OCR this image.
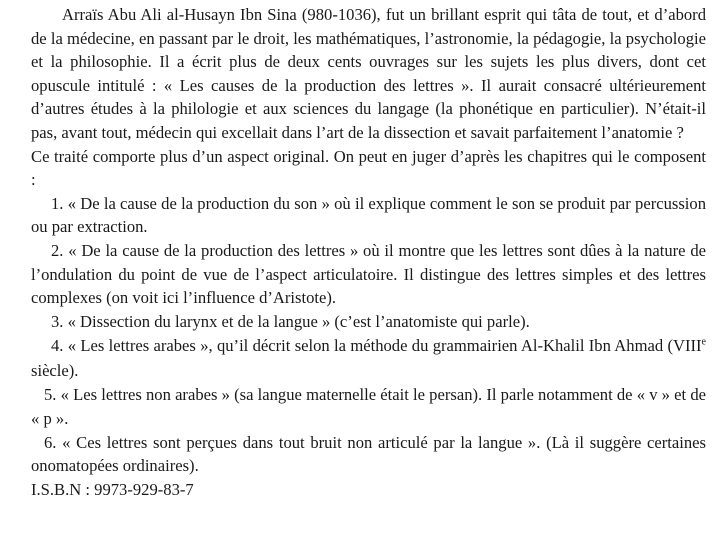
Arraïs Abu Ali al-Husayn Ibn Sina (980-1036), fut un brillant esprit qui tâta de tout, et d’abord de la médecine, en passant par le droit, les mathématiques, l’astronomie, la pédagogie, la psychologie et la philosophie. Il a écrit plus de deux cents ouvrages sur les sujets les plus divers, dont cet opuscule intitulé : « Les causes de la production des lettres ». Il aurait consacré ultérieurement d’autres études à la philologie et aux sciences du langage (la phonétique en particulier). N’était-il pas, avant tout, médecin qui excellait dans l’art de la dissection et savait parfaitement l’anatomie ?

Ce traité comporte plus d’un aspect original. On peut en juger d’après les chapitres qui le composent :

1. « De la cause de la production du son » où il explique comment le son se produit par percussion ou par extraction.

2. « De la cause de la production des lettres » où il montre que les lettres sont dûes à la nature de l’ondulation du point de vue de l’aspect articulatoire. Il distingue des lettres simples et des lettres complexes (on voit ici l’influence d’Aristote).

3. « Dissection du larynx et de la langue » (c’est l’anatomiste qui parle).

4. « Les lettres arabes », qu’il décrit selon la méthode du grammairien Al-Khalil Ibn Ahmad (VIIIe siècle).

5. « Les lettres non arabes » (sa langue maternelle était le persan). Il parle notamment de « v » et de « p ».

6. « Ces lettres sont perçues dans tout bruit non articulé par la langue ». (Là il suggère certaines onomatopées ordinaires).

I.S.B.N : 9973-929-83-7
